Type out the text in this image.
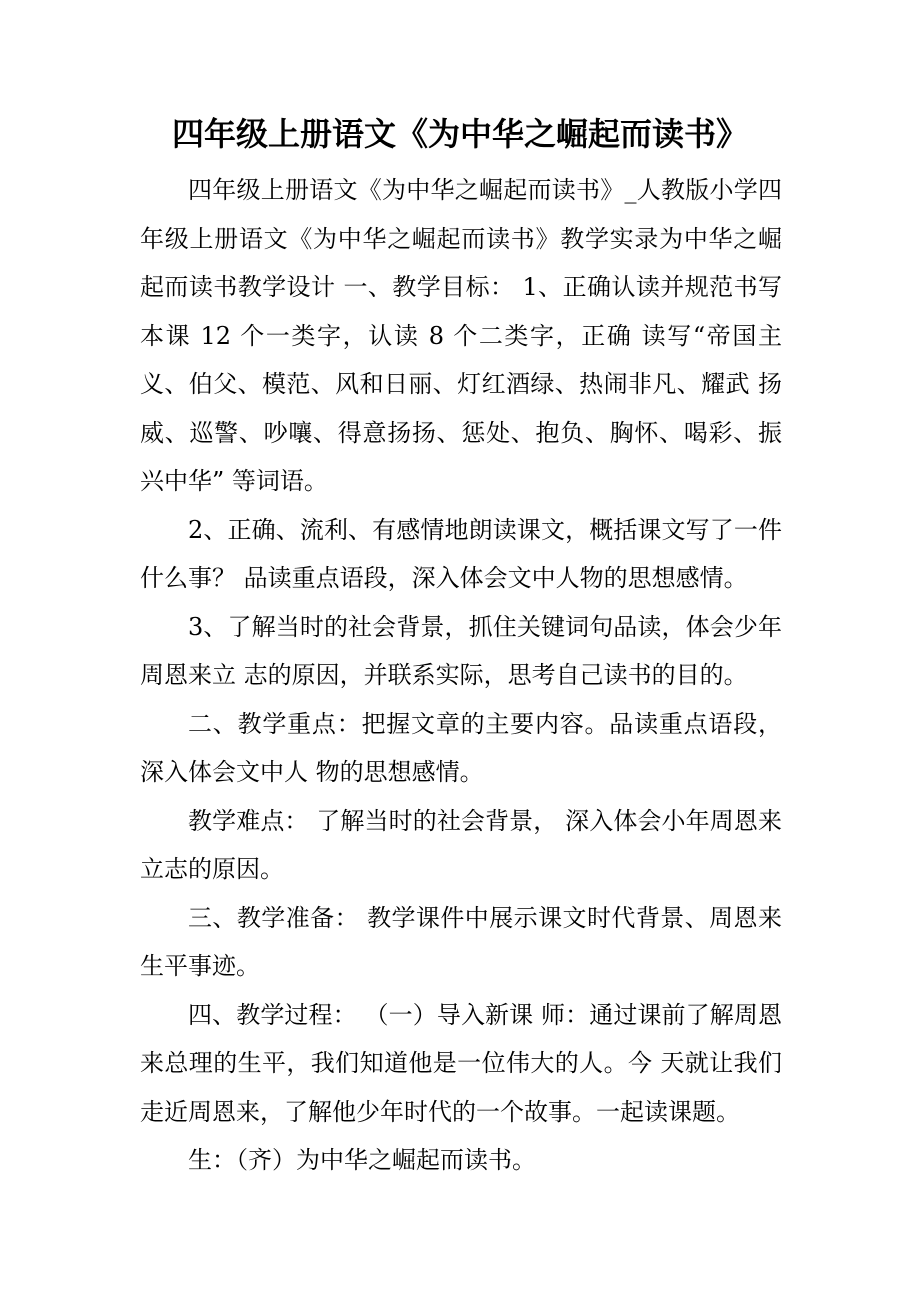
四年级上册语文《为中华之崛起而读书》

四年级上册语文《为中华之崛起而读书》_人教版小学四年级上册语文《为中华之崛起而读书》教学实录为中华之崛起而读书教学设计 一、教学目标： 1、正确认读并规范书写本课 12 个一类字，认读 8 个二类字，正确 读写“帝国主义、伯父、模范、风和日丽、灯红酒绿、热闹非凡、耀武 扬威、巡警、吵嚷、得意扬扬、惩处、抱负、胸怀、喝彩、振兴中华” 等词语。

2、正确、流利、有感情地朗读课文，概括课文写了一件什么事？ 品读重点语段，深入体会文中人物的思想感情。

3、了解当时的社会背景，抓住关键词句品读，体会少年周恩来立 志的原因，并联系实际，思考自己读书的目的。

二、教学重点：把握文章的主要内容。品读重点语段，深入体会文中人 物的思想感情。

教学难点： 了解当时的社会背景， 深入体会小年周恩来立志的原因。

三、教学准备： 教学课件中展示课文时代背景、周恩来生平事迹。

四、教学过程： （一）导入新课 师：通过课前了解周恩来总理的生平，我们知道他是一位伟大的人。今 天就让我们走近周恩来，了解他少年时代的一个故事。一起读课题。

生：（齐）为中华之崛起而读书。
